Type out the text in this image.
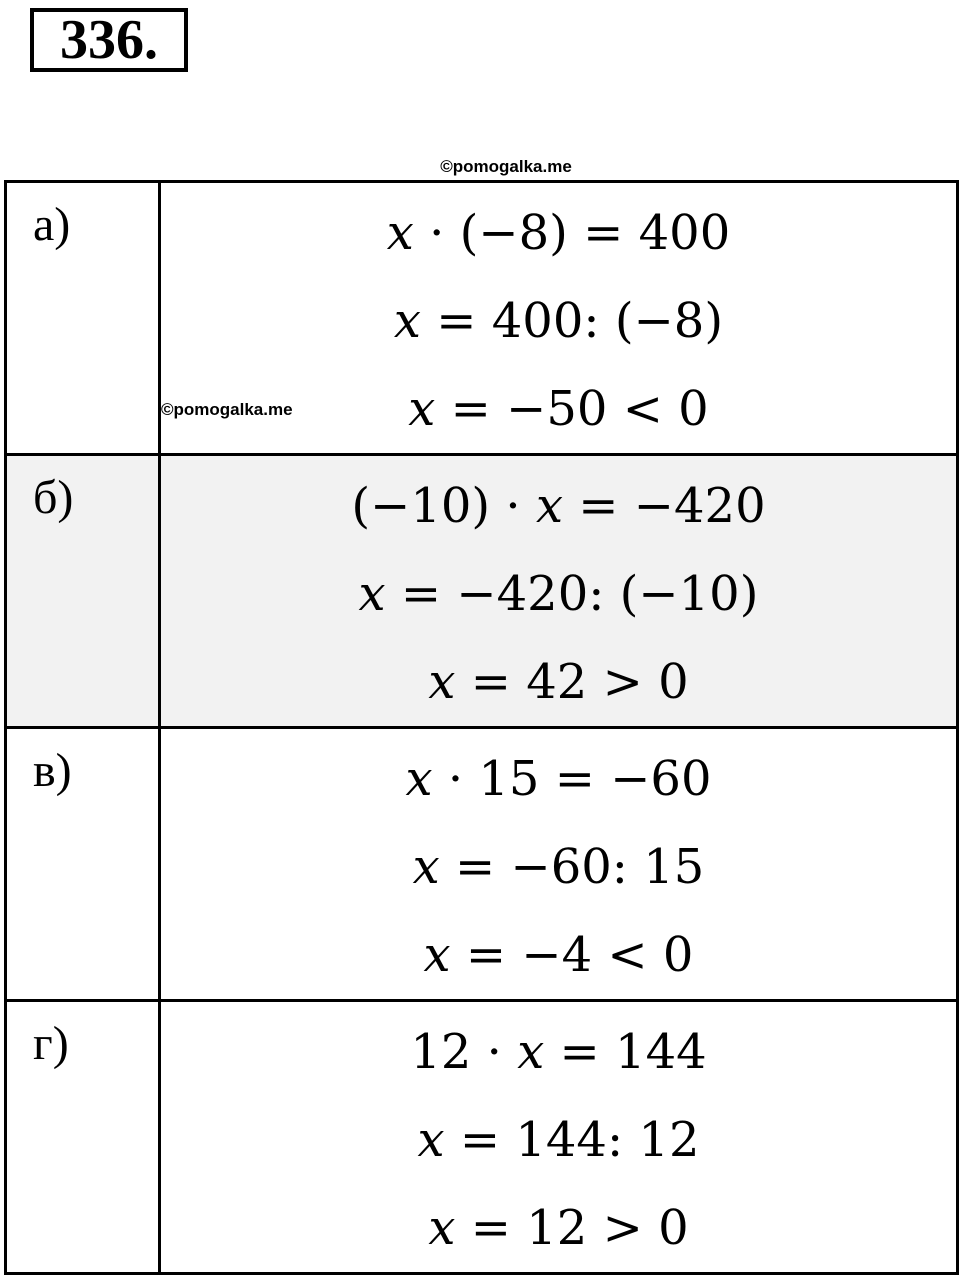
336.
©pomogalka.me
а)	x · (−8) = 400
x = 400: (−8)
x = −50 < 0

б)	(−10) · x = −420
x = −420: (−10)
x = 42 > 0

в)	x · 15 = −60
x = −60: 15
x = −4 < 0

г)	12 · x = 144
x = 144: 12
x = 12 > 0
©pomogalka.me
